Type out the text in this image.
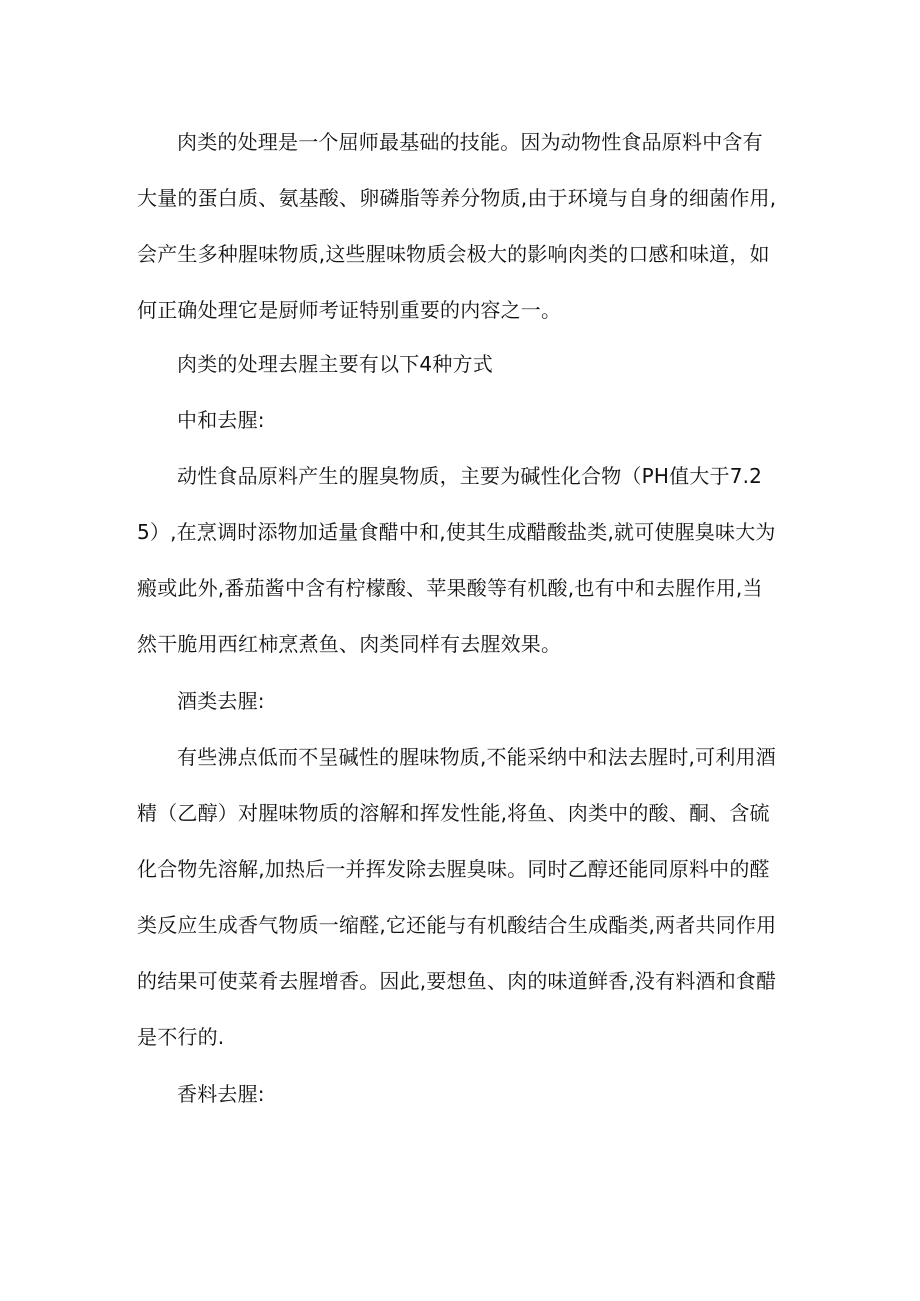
肉类的处理是一个屈师最基础的技能。因为动物性食品原料中含有大量的蛋白质、氨基酸、卵磷脂等养分物质,由于环境与自身的细菌作用,会产生多种腥味物质,这些腥味物质会极大的影响肉类的口感和味道，如何正确处理它是厨师考证特别重要的内容之一。

肉类的处理去腥主要有以下4种方式

中和去腥:

动性食品原料产生的腥臭物质，主要为碱性化合物（PH值大于7.25）,在烹调时添物加适量食醋中和,使其生成醋酸盐类,就可使腥臭味大为瘢或此外,番茄酱中含有柠檬酸、苹果酸等有机酸,也有中和去腥作用,当然干脆用西红柿烹煮鱼、肉类同样有去腥效果。

酒类去腥:

有些沸点低而不呈碱性的腥味物质,不能采纳中和法去腥时,可利用酒精（乙醇）对腥味物质的溶解和挥发性能,将鱼、肉类中的酸、酮、含硫化合物先溶解,加热后一并挥发除去腥臭味。同时乙醇还能同原料中的醛类反应生成香气物质一缩醛,它还能与有机酸结合生成酯类,两者共同作用的结果可使菜肴去腥增香。因此,要想鱼、肉的味道鲜香,没有料酒和食醋是不行的.

香料去腥:
